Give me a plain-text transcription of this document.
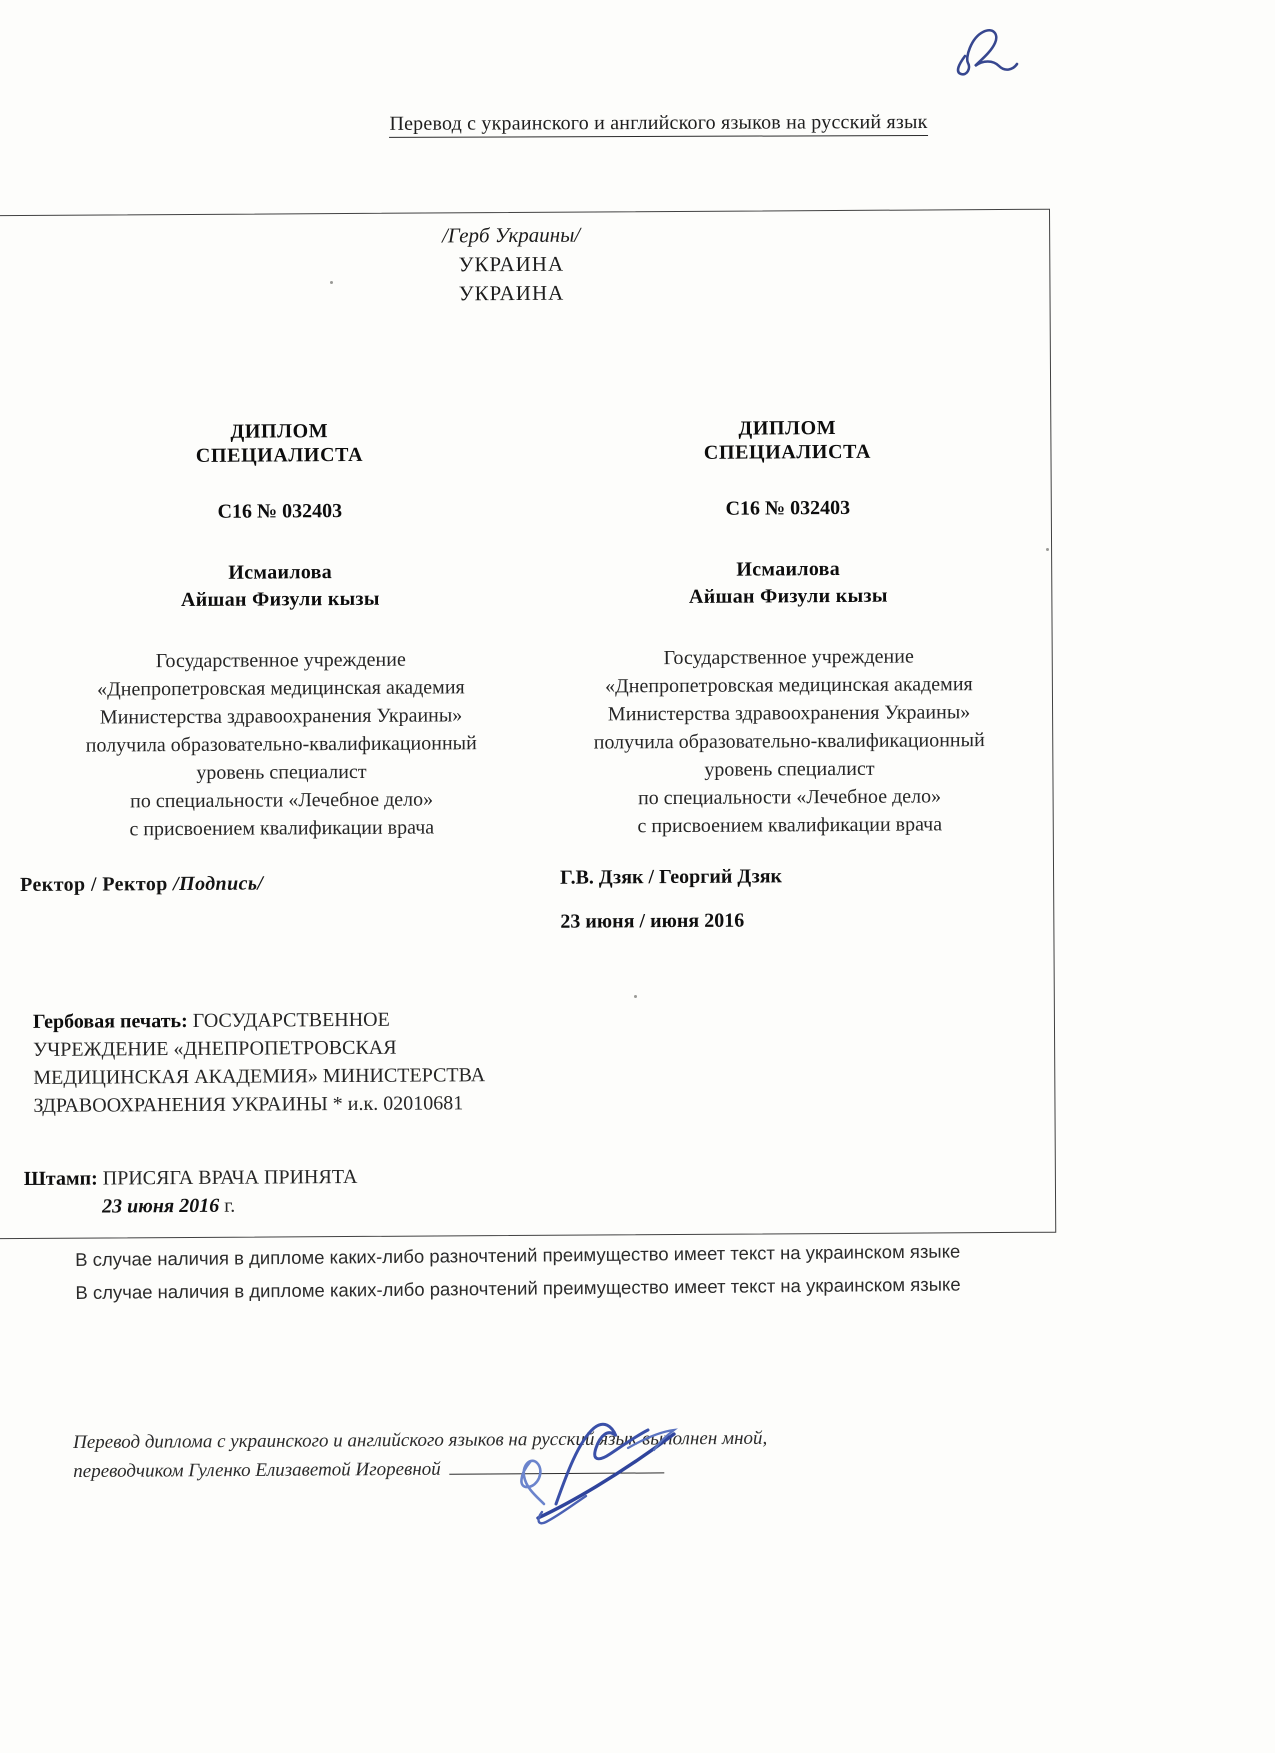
Перевод с украинского и английского языков на русский язык
/Герб Украины/
УКРАИНА
УКРАИНА
ДИПЛОМ
СПЕЦИАЛИСТА
С16 № 032403
Исмаилова
Айшан Физули кызы
Государственное учреждение
«Днепропетровская медицинская академия
Министерства здравоохранения Украины»
получила образовательно-квалификационный
уровень специалист
по специальности «Лечебное дело»
с присвоением квалификации врача
ДИПЛОМ
СПЕЦИАЛИСТА
С16 № 032403
Исмаилова
Айшан Физули кызы
Государственное учреждение
«Днепропетровская медицинская академия
Министерства здравоохранения Украины»
получила образовательно-квалификационный
уровень специалист
по специальности «Лечебное дело»
с присвоением квалификации врача
Ректор / Ректор /Подпись/	Г.В. Дзяк / Георгий Дзяк
23 июня / июня 2016
Гербовая печать: ГОСУДАРСТВЕННОЕ УЧРЕЖДЕНИЕ «ДНЕПРОПЕТРОВСКАЯ МЕДИЦИНСКАЯ АКАДЕМИЯ» МИНИСТЕРСТВА ЗДРАВООХРАНЕНИЯ УКРАИНЫ * и.к. 02010681
Штамп: ПРИСЯГА ВРАЧА ПРИНЯТА
23 июня 2016 г.
В случае наличия в дипломе каких-либо разночтений преимущество имеет текст на украинском языке
В случае наличия в дипломе каких-либо разночтений преимущество имеет текст на украинском языке
Перевод диплома с украинского и английского языков на русский язык выполнен мной,
переводчиком Гуленко Елизаветой Игоревной
